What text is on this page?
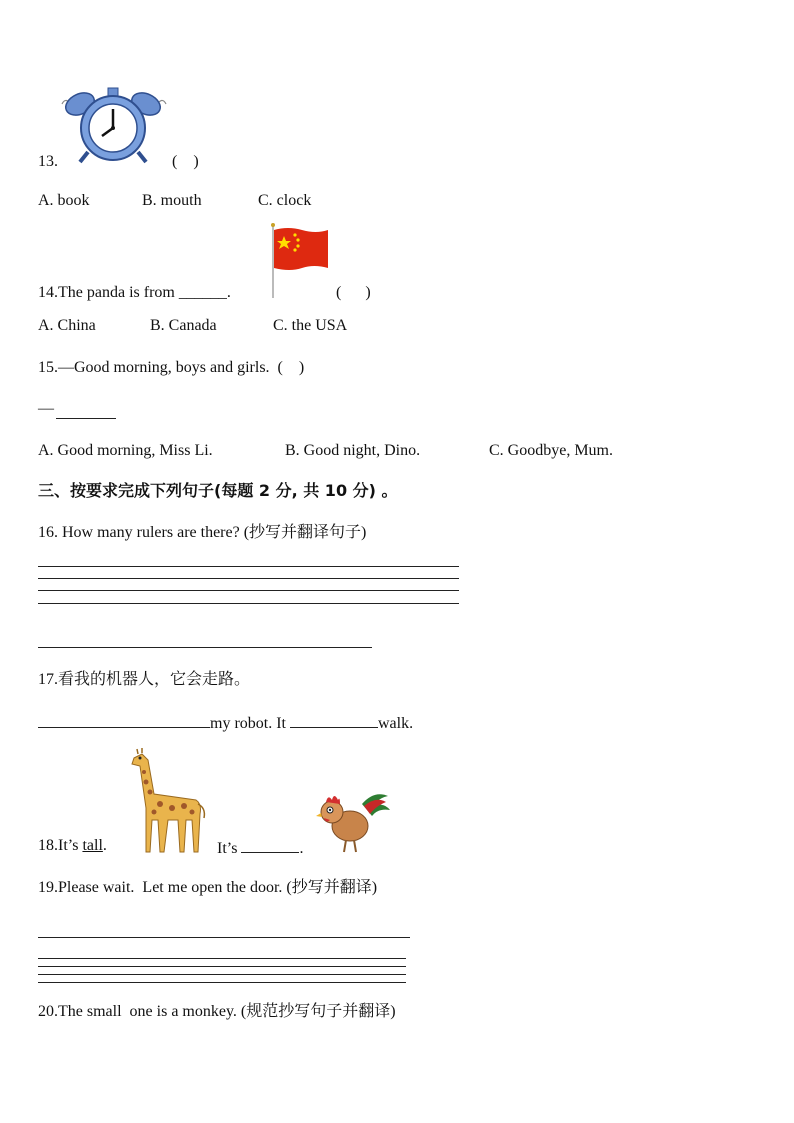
13.	(    )
A. book	B. mouth	C. clock
14.The panda is from ______.	(      )
A. China	B. Canada	C. the USA
15.—Good morning, boys and girls.  (    )
—
A. Good morning, Miss Li.	B. Good night, Dino.	C. Goodbye, Mum.
三、按要求完成下列句子(每题 2 分, 共 10 分) 。
16. How many rulers are there? (抄写并翻译句子)
17.看我的机器人，它会走路。
my robot. It	walk.
18.It’s tall.	It’s	.
19.Please wait.  Let me open the door. (抄写并翻译)
20.The small  one is a monkey. (规范抄写句子并翻译)
